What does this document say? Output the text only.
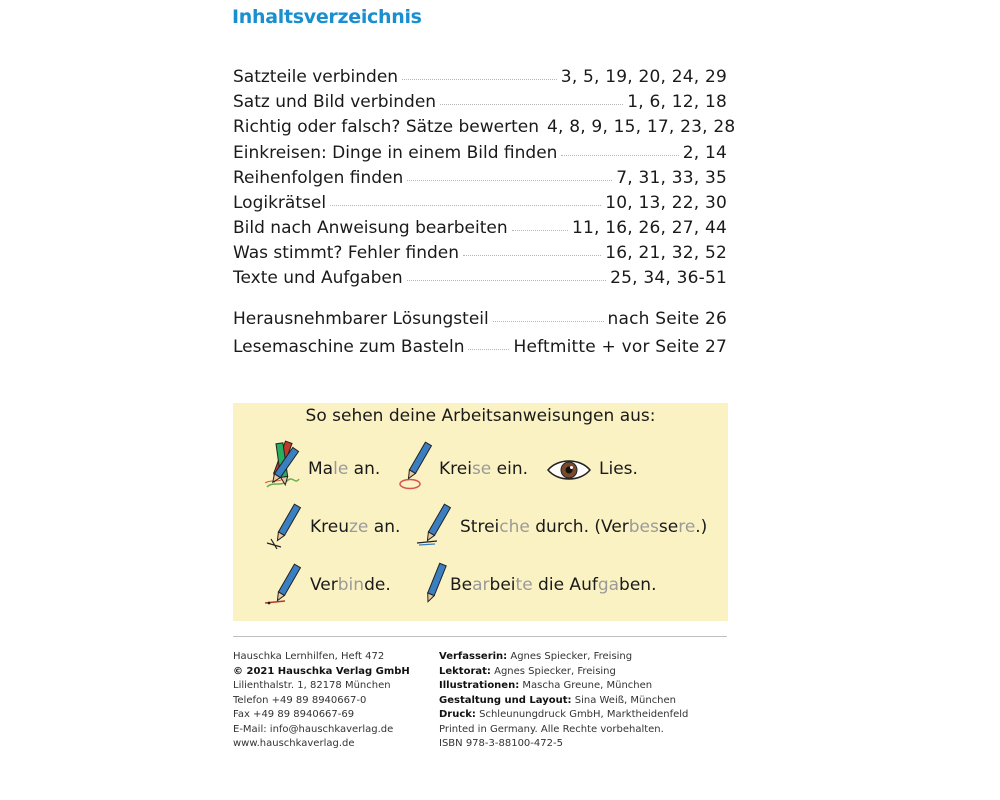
Inhaltsverzeichnis
Satzteile verbinden	3, 5, 19, 20, 24, 29
Satz und Bild verbinden	1, 6, 12, 18
Richtig oder falsch? Sätze bewerten 4, 8, 9, 15, 17, 23, 28
Einkreisen: Dinge in einem Bild finden	2, 14
Reihenfolgen finden	7, 31, 33, 35
Logikrätsel	10, 13, 22, 30
Bild nach Anweisung bearbeiten	11, 16, 26, 27, 44
Was stimmt? Fehler finden	16, 21, 32, 52
Texte und Aufgaben	25, 34, 36-51
Herausnehmbarer Lösungsteil	nach Seite 26
Lesemaschine zum Basteln	Heftmitte + vor Seite 27
So sehen deine Arbeitsanweisungen aus:
Male an.	Kreise ein.	Lies.
Kreuze an.	Streiche durch. (Verbessere.)
Verbinde.	Bearbeite die Aufgaben.
Hauschka Lernhilfen, Heft 472
© 2021 Hauschka Verlag GmbH
Lilienthalstr. 1, 82178 München
Telefon +49 89 8940667-0
Fax +49 89 8940667-69
E-Mail: info@hauschkaverlag.de
www.hauschkaverlag.de
Verfasserin: Agnes Spiecker, Freising
Lektorat: Agnes Spiecker, Freising
Illustrationen: Mascha Greune, München
Gestaltung und Layout: Sina Weiß, München
Druck: Schleunungdruck GmbH, Marktheidenfeld
Printed in Germany. Alle Rechte vorbehalten.
ISBN 978-3-88100-472-5
